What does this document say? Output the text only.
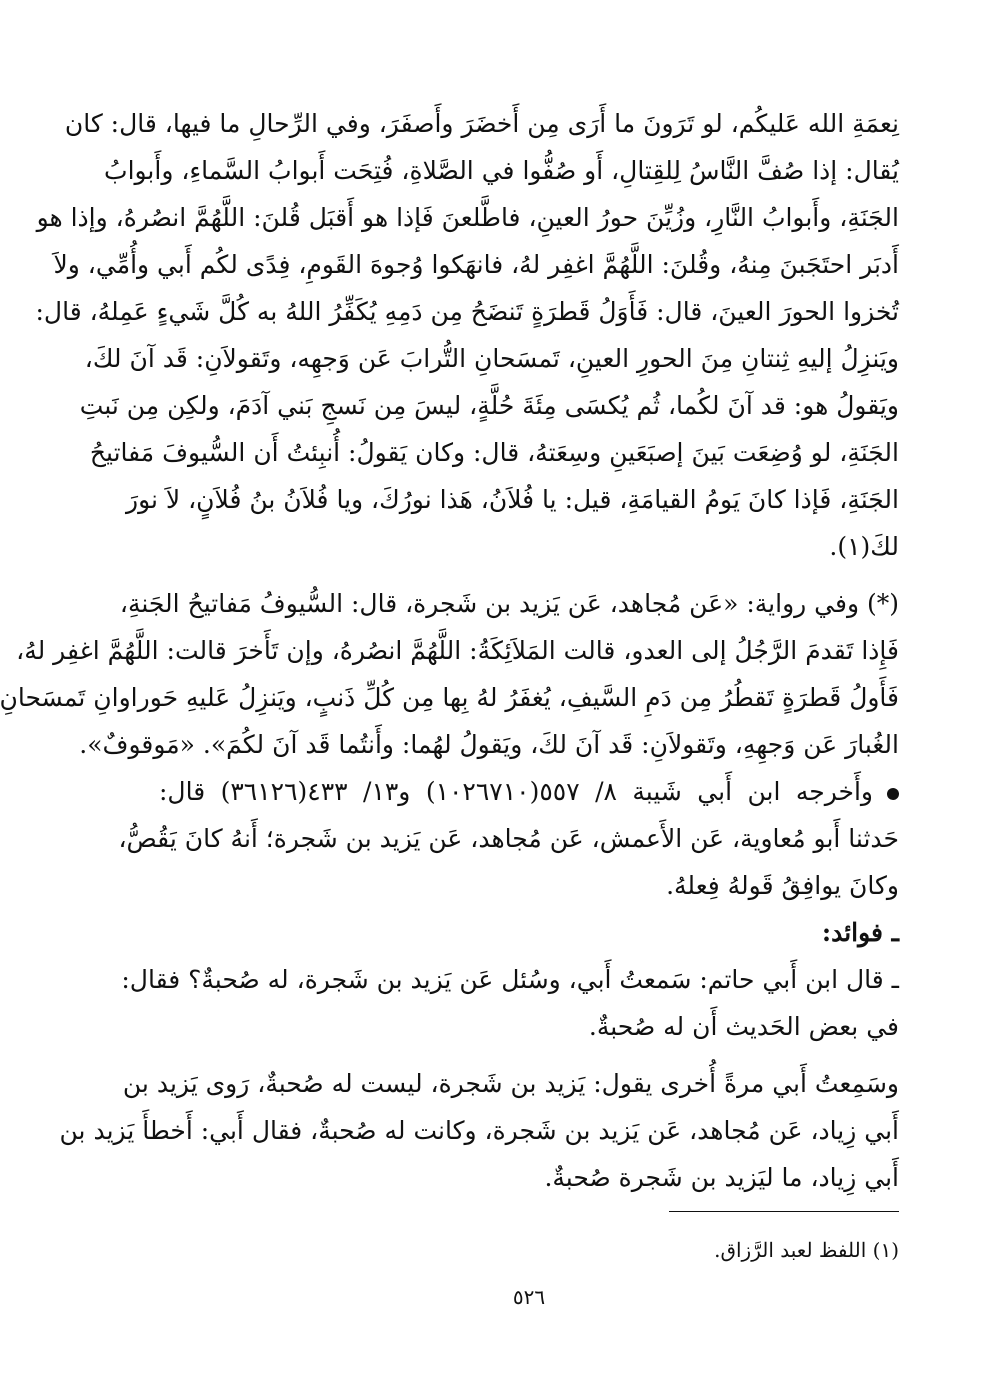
نِعمَةِ الله عَليكُم، لو تَرَونَ ما أَرَى مِن أَخضَرَ وأَصفَرَ، وفي الرِّحالِ ما فيها، قال: كان
يُقال: إذا صُفَّ النَّاسُ لِلقِتالِ، أَو صُفُّوا في الصَّلاةِ، فُتِحَت أَبوابُ السَّماءِ، وأَبوابُ
الجَنَةِ، وأَبوابُ النَّارِ، وزُيِّنَ حورُ العينِ، فاطَّلعنَ فَإذا هو أَقبَل قُلنَ: اللَّهُمَّ انصُرهُ، وإذا هو
أَدبَر احتَجَبنَ مِنهُ، وقُلنَ: اللَّهُمَّ اغفِر لهُ، فانهَكوا وُجوهَ القَومِ، فِدًى لكُم أَبي وأُمِّي، ولاَ
تُخزوا الحورَ العينَ، قال: فَأَوَلُ قَطرَةٍ تَنضَحُ مِن دَمِهِ يُكَفِّرُ اللهُ به كُلَّ شَيءٍ عَمِلهُ، قال:
ويَنزِلُ إليهِ ثِنتانِ مِنَ الحورِ العينِ، تَمسَحانِ التُّرابَ عَن وَجهِه، وتَقولاَنِ: قَد آنَ لكَ،
ويَقولُ هو: قد آنَ لكُما، ثُم يُكسَى مِئَةَ حُلَّةٍ، ليسَ مِن نَسجِ بَني آدَمَ، ولكِن مِن نَبتِ
الجَنَةِ، لو وُضِعَت بَينَ إصبَعَينِ وسِعَتهُ، قال: وكان يَقولُ: أُنبِئتُ أَن السُّيوفَ مَفاتيحُ
الجَنَةِ، فَإذا كانَ يَومُ القيامَةِ، قيل: يا فُلاَنُ، هَذا نورُكَ، ويا فُلاَنُ بنُ فُلاَنٍ، لاَ نورَ
لكَ(١).
(*) وفي رواية: «عَن مُجاهد، عَن يَزيد بن شَجرة، قال: السُّيوفُ مَفاتيحُ الجَنةِ،
فَإِذا تَقدمَ الرَّجُلُ إلى العدو، قالت المَلاَئِكَةُ: اللَّهُمَّ انصُرهُ، وإن تَأَخرَ قالت: اللَّهُمَّ اغفِر لهُ،
فَأَولُ قَطرَةٍ تَقطُرُ مِن دَمِ السَّيفِ، يُغفَرُ لهُ بِها مِن كُلِّ ذَنبٍ، ويَنزِلُ عَليهِ حَوراوانِ تَمسَحانِ
الغُبارَ عَن وَجهِهِ، وتَقولاَنِ: قَد آنَ لكَ، ويَقولُ لهُما: وأَنتُما قَد آنَ لكُمَ». «مَوقوفٌ».
وأَخرجه ابن أَبي شَيبة ٨/ ٥٥٧(١٠٢٦٧١٠) و١٣/ ٤٣٣(٣٦١٢٦) قال:
حَدثنا أَبو مُعاوية، عَن الأَعمش، عَن مُجاهد، عَن يَزيد بن شَجرة؛ أَنهُ كانَ يَقُصُّ،
وكانَ يوافِقُ قَولهُ فِعلهُ.
ـ فوائد:
ـ قال ابن أَبي حاتم: سَمعتُ أَبي، وسُئل عَن يَزيد بن شَجرة، له صُحبةٌ؟ فقال:
في بعض الحَديث أَن له صُحبةٌ.
وسَمِعتُ أَبي مرةً أُخرى يقول: يَزيد بن شَجرة، ليست له صُحبةٌ، رَوى يَزيد بن
أَبي زِياد، عَن مُجاهد، عَن يَزيد بن شَجرة، وكانت له صُحبةٌ، فقال أَبي: أَخطأَ يَزيد بن
أَبي زِياد، ما ليَزيد بن شَجرة صُحبةٌ.
(١) اللفظ لعبد الرَّزاق.
٥٢٦
